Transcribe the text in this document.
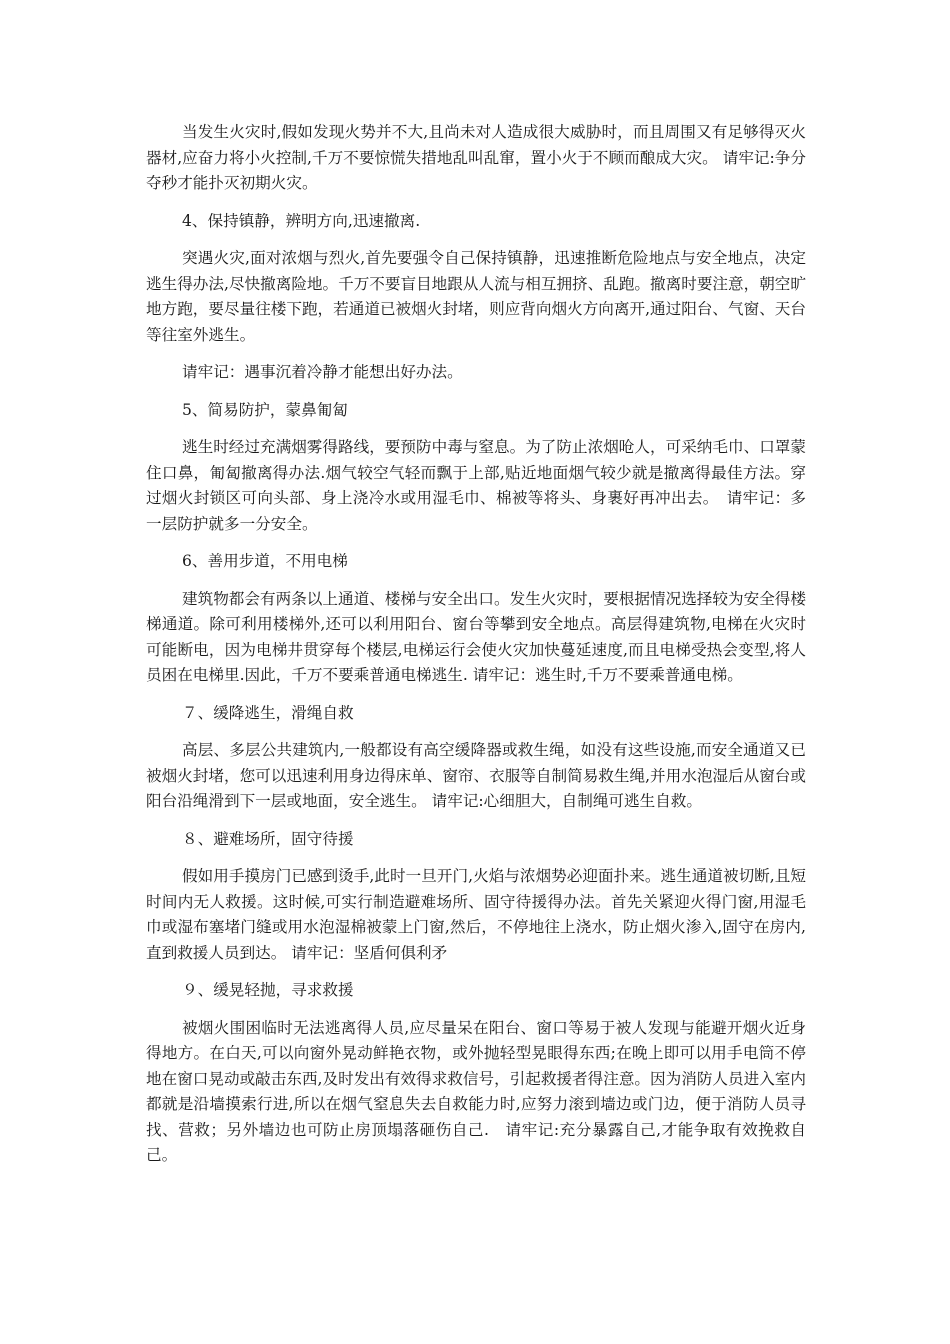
当发生火灾时,假如发现火势并不大,且尚未对人造成很大威胁时，而且周围又有足够得灭火器材,应奋力将小火控制,千万不要惊慌失措地乱叫乱窜，置小火于不顾而酿成大灾。 请牢记:争分夺秒才能扑灭初期火灾。

4、保持镇静，辨明方向,迅速撤离.

突遇火灾,面对浓烟与烈火,首先要强令自己保持镇静，迅速推断危险地点与安全地点，决定逃生得办法,尽快撤离险地。千万不要盲目地跟从人流与相互拥挤、乱跑。撤离时要注意，朝空旷地方跑，要尽量往楼下跑，若通道已被烟火封堵，则应背向烟火方向离开,通过阳台、气窗、天台等往室外逃生。

请牢记：遇事沉着冷静才能想出好办法。

5、简易防护，蒙鼻匍匐

逃生时经过充满烟雾得路线，要预防中毒与窒息。为了防止浓烟呛人，可采纳毛巾、口罩蒙住口鼻，匍匐撤离得办法.烟气较空气轻而飘于上部,贴近地面烟气较少就是撤离得最佳方法。穿过烟火封锁区可向头部、身上浇冷水或用湿毛巾、棉被等将头、身裹好再冲出去。　请牢记：多一层防护就多一分安全。

6、善用步道，不用电梯

建筑物都会有两条以上通道、楼梯与安全出口。发生火灾时，要根据情况选择较为安全得楼梯通道。除可利用楼梯外,还可以利用阳台、窗台等攀到安全地点。高层得建筑物,电梯在火灾时可能断电，因为电梯井贯穿每个楼层,电梯运行会使火灾加快蔓延速度,而且电梯受热会变型,将人员困在电梯里.因此，千万不要乘普通电梯逃生. 请牢记：逃生时,千万不要乘普通电梯。

７、缓降逃生，滑绳自救

高层、多层公共建筑内,一般都设有高空缓降器或救生绳，如没有这些设施,而安全通道又已被烟火封堵，您可以迅速利用身边得床单、窗帘、衣服等自制简易救生绳,并用水泡湿后从窗台或阳台沿绳滑到下一层或地面，安全逃生。 请牢记:心细胆大，自制绳可逃生自救。

８、避难场所，固守待援

假如用手摸房门已感到烫手,此时一旦开门,火焰与浓烟势必迎面扑来。逃生通道被切断,且短时间内无人救援。这时候,可实行制造避难场所、固守待援得办法。首先关紧迎火得门窗,用湿毛巾或湿布塞堵门缝或用水泡湿棉被蒙上门窗,然后，不停地往上浇水，防止烟火渗入,固守在房内,直到救援人员到达。 请牢记：坚盾何俱利矛

９、缓晃轻抛，寻求救援

被烟火围困临时无法逃离得人员,应尽量呆在阳台、窗口等易于被人发现与能避开烟火近身得地方。在白天,可以向窗外晃动鲜艳衣物，或外抛轻型晃眼得东西;在晚上即可以用手电筒不停地在窗口晃动或敲击东西,及时发出有效得求救信号，引起救援者得注意。因为消防人员进入室内都就是沿墙摸索行进,所以在烟气窒息失去自救能力时,应努力滚到墙边或门边，便于消防人员寻找、营救；另外墙边也可防止房顶塌落砸伤自己.　请牢记:充分暴露自己,才能争取有效挽救自己。
